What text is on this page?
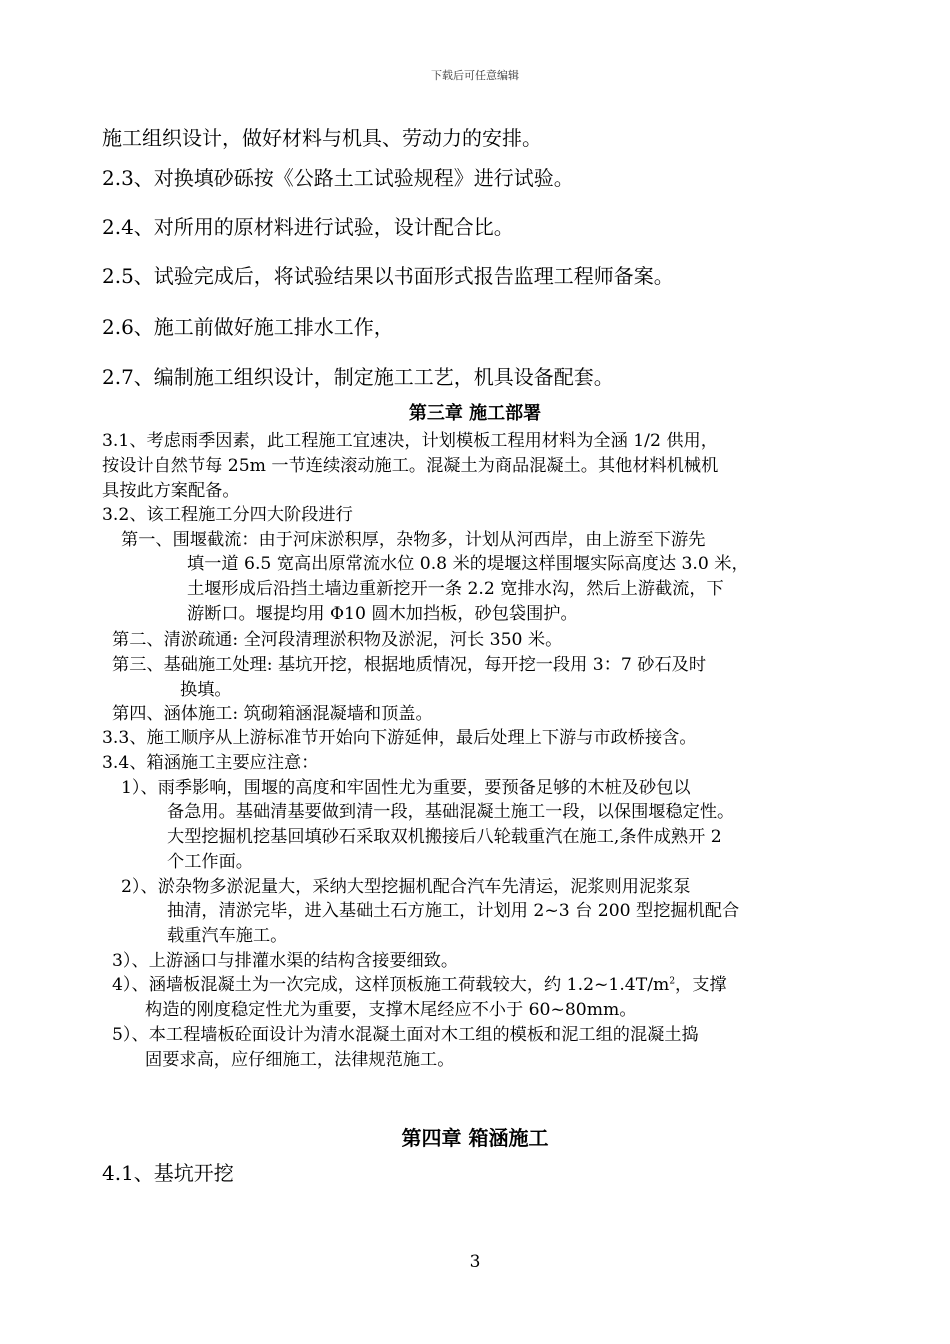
下载后可任意编辑
施工组织设计，做好材料与机具、劳动力的安排。
2.3、对换填砂砾按《公路土工试验规程》进行试验。
2.4、对所用的原材料进行试验，设计配合比。
2.5、试验完成后，将试验结果以书面形式报告监理工程师备案。
2.6、施工前做好施工排水工作，
2.7、编制施工组织设计，制定施工工艺，机具设备配套。
第三章 施工部署
3.1、考虑雨季因素，此工程施工宜速决，计划模板工程用材料为全涵 1/2 供用，
按设计自然节每 25m 一节连续滚动施工。混凝土为商品混凝土。其他材料机械机
具按此方案配备。
3.2、该工程施工分四大阶段进行
第一、围堰截流：由于河床淤积厚，杂物多，计划从河西岸，由上游至下游先
填一道 6.5 宽高出原常流水位 0.8 米的堤堰这样围堰实际高度达 3.0 米，
土堰形成后沿挡土墙边重新挖开一条 2.2 宽排水沟，然后上游截流，下
游断口。堰提均用 Φ10 圆木加挡板，砂包袋围护。
第二、清淤疏通: 全河段清理淤积物及淤泥，河长 350 米。
第三、基础施工处理: 基坑开挖，根据地质情况，每开挖一段用 3：7 砂石及时
换填。
第四、涵体施工: 筑砌箱涵混凝墙和顶盖。
3.3、施工顺序从上游标准节开始向下游延伸，最后处理上下游与市政桥接含。
3.4、箱涵施工主要应注意：
1）、雨季影响，围堰的高度和牢固性尤为重要，要预备足够的木桩及砂包以
备急用。基础清基要做到清一段，基础混凝土施工一段，以保围堰稳定性。
大型挖掘机挖基回填砂石采取双机搬接后八轮载重汽在施工,条件成熟开 2
个工作面。
2）、淤杂物多淤泥量大，采纳大型挖掘机配合汽车先清运，泥浆则用泥浆泵
抽清，清淤完毕，进入基础土石方施工，计划用 2~3 台 200 型挖掘机配合
载重汽车施工。
3）、上游涵口与排灌水渠的结构含接要细致。
4）、涵墙板混凝土为一次完成，这样顶板施工荷载较大，约 $1.2\sim 1.4T/m^2$，支撑
构造的刚度稳定性尤为重要，支撑木尾经应不小于 60~80mm。
5）、本工程墙板砼面设计为清水混凝土面对木工组的模板和泥工组的混凝土捣
固要求高，应仔细施工，法律规范施工。
第四章 箱涵施工
4.1、基坑开挖
3
